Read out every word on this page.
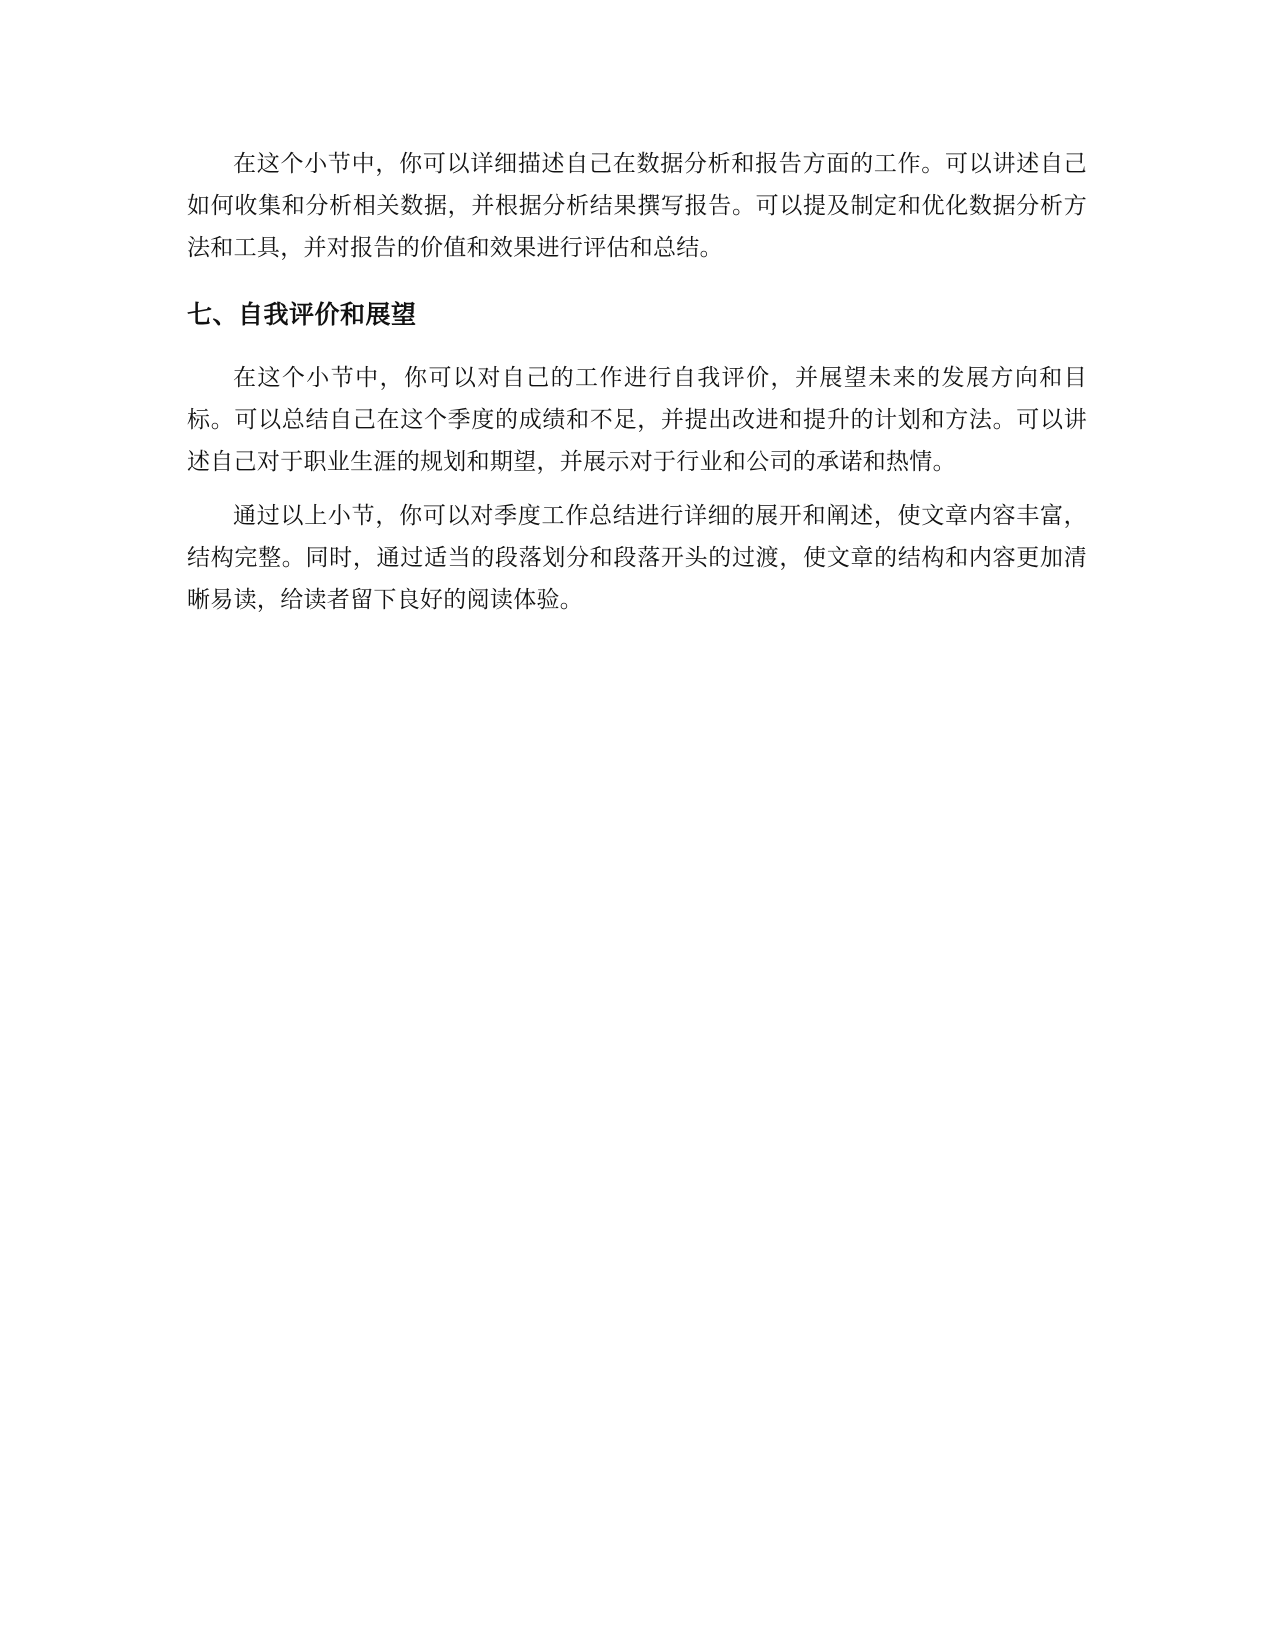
在这个小节中，你可以详细描述自己在数据分析和报告方面的工作。可以讲述自己如何收集和分析相关数据，并根据分析结果撰写报告。可以提及制定和优化数据分析方法和工具，并对报告的价值和效果进行评估和总结。

七、自我评价和展望

在这个小节中，你可以对自己的工作进行自我评价，并展望未来的发展方向和目标。可以总结自己在这个季度的成绩和不足，并提出改进和提升的计划和方法。可以讲述自己对于职业生涯的规划和期望，并展示对于行业和公司的承诺和热情。

通过以上小节，你可以对季度工作总结进行详细的展开和阐述，使文章内容丰富，结构完整。同时，通过适当的段落划分和段落开头的过渡，使文章的结构和内容更加清晰易读，给读者留下良好的阅读体验。
